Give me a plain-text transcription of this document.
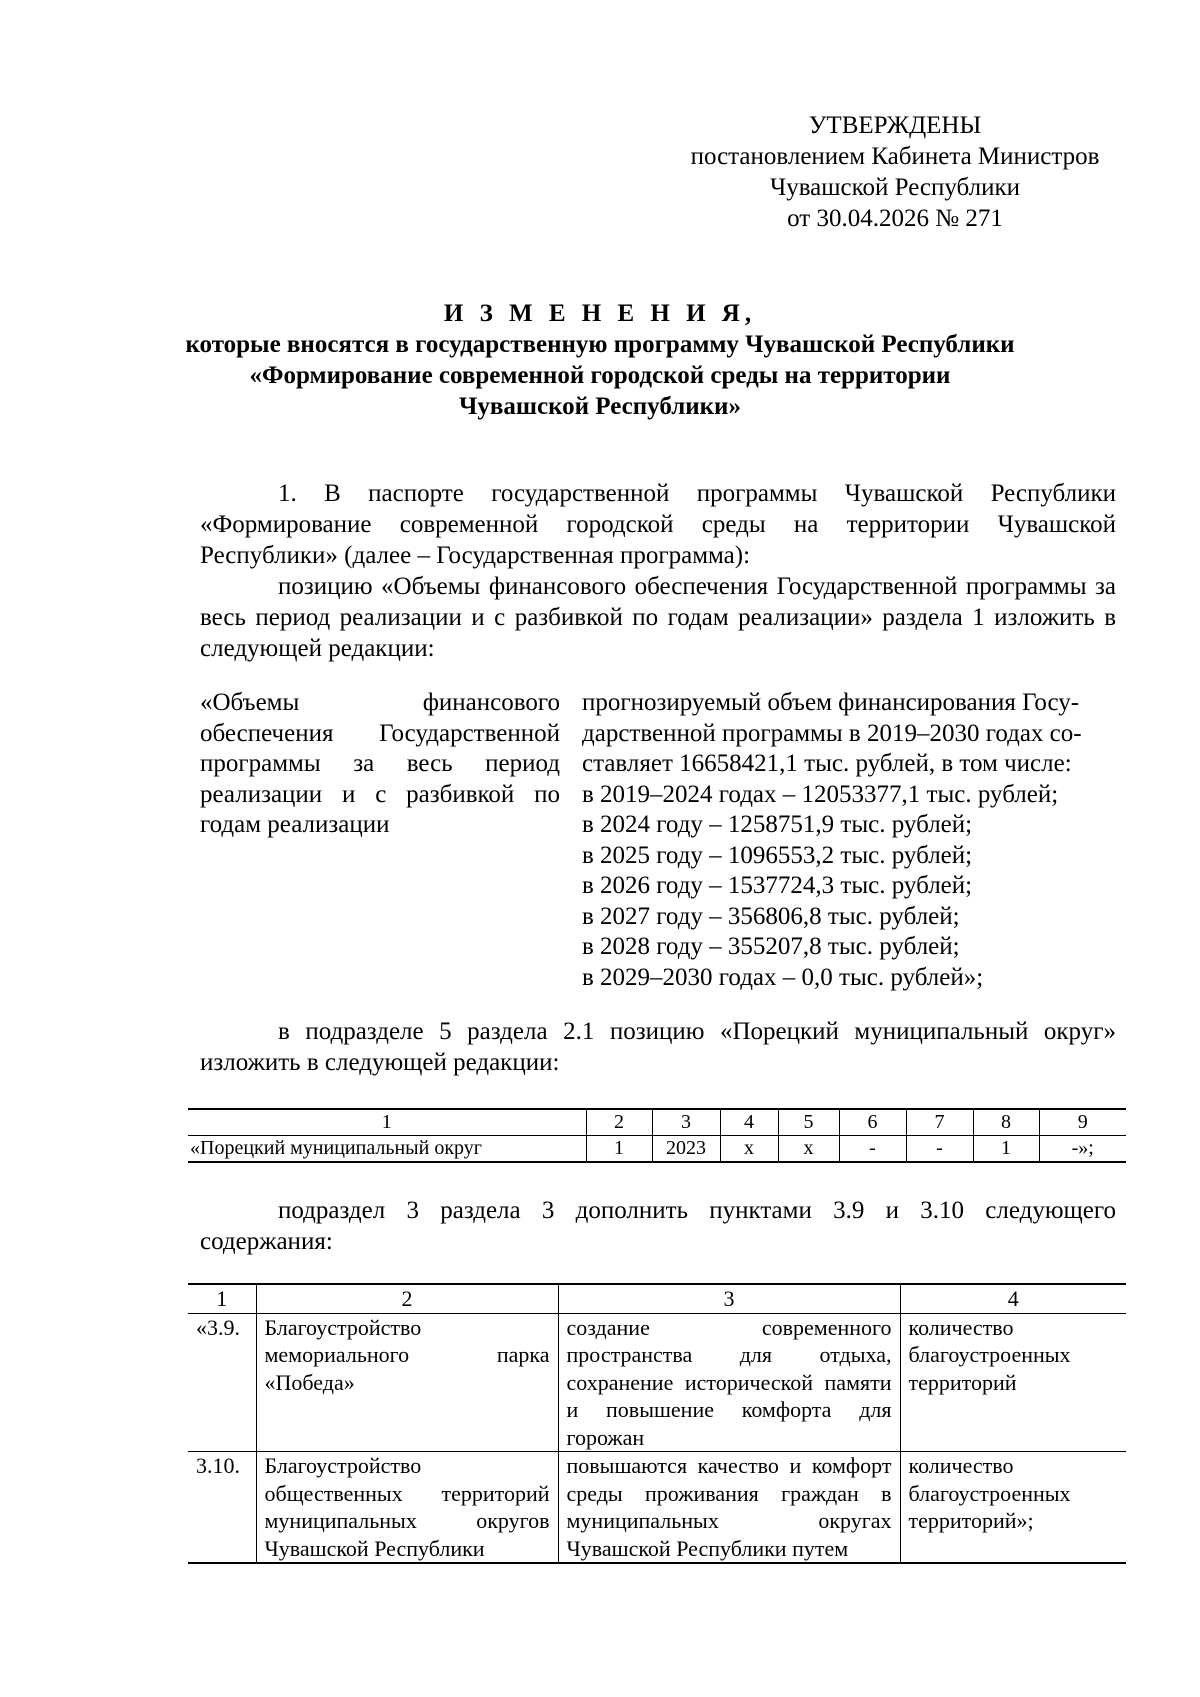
УТВЕРЖДЕНЫ
постановлением Кабинета Министров
Чувашской Республики
от 30.04.2026 № 271
И З М Е Н Е Н И Я,
которые вносятся в государственную программу Чувашской Республики
«Формирование современной городской среды на территории
Чувашской Республики»
1. В паспорте государственной программы Чувашской Республики «Формирование современной городской среды на территории Чувашской Республики» (далее – Государственная программа):
позицию «Объемы финансового обеспечения Государственной программы за весь период реализации и с разбивкой по годам реализации» раздела 1 изложить в следующей редакции:
«Объемы финансового обеспечения Государственной программы за весь период реализации и с разбивкой по годам реализации
прогнозируемый объем финансирования Госу-
дарственной программы в 2019–2030 годах со-
ставляет 16658421,1 тыс. рублей, в том числе:
в 2019–2024 годах – 12053377,1 тыс. рублей;
в 2024 году – 1258751,9 тыс. рублей;
в 2025 году – 1096553,2 тыс. рублей;
в 2026 году – 1537724,3 тыс. рублей;
в 2027 году – 356806,8 тыс. рублей;
в 2028 году – 355207,8 тыс. рублей;
в 2029–2030 годах – 0,0 тыс. рублей»;
в подразделе 5 раздела 2.1 позицию «Порецкий муниципальный округ» изложить в следующей редакции:
1	2	3	4	5	6	7	8	9
«Порецкий муниципальный округ	1	2023	х	х	-	-	1	-»;
подраздел 3 раздела 3 дополнить пунктами 3.9 и 3.10 следующего содержания:
1	2	3	4
«3.9.	Благоустройство мемориального парка «Победа»	создание современного пространства для отдыха, сохранение исторической памяти и повышение комфорта для горожан	количество благоустроенных территорий
3.10.	Благоустройство общественных территорий муниципальных округов Чувашской Республики	повышаются качество и комфорт среды проживания граждан в муниципальных округах Чувашской Республики путем	количество благоустроенных территорий»;
